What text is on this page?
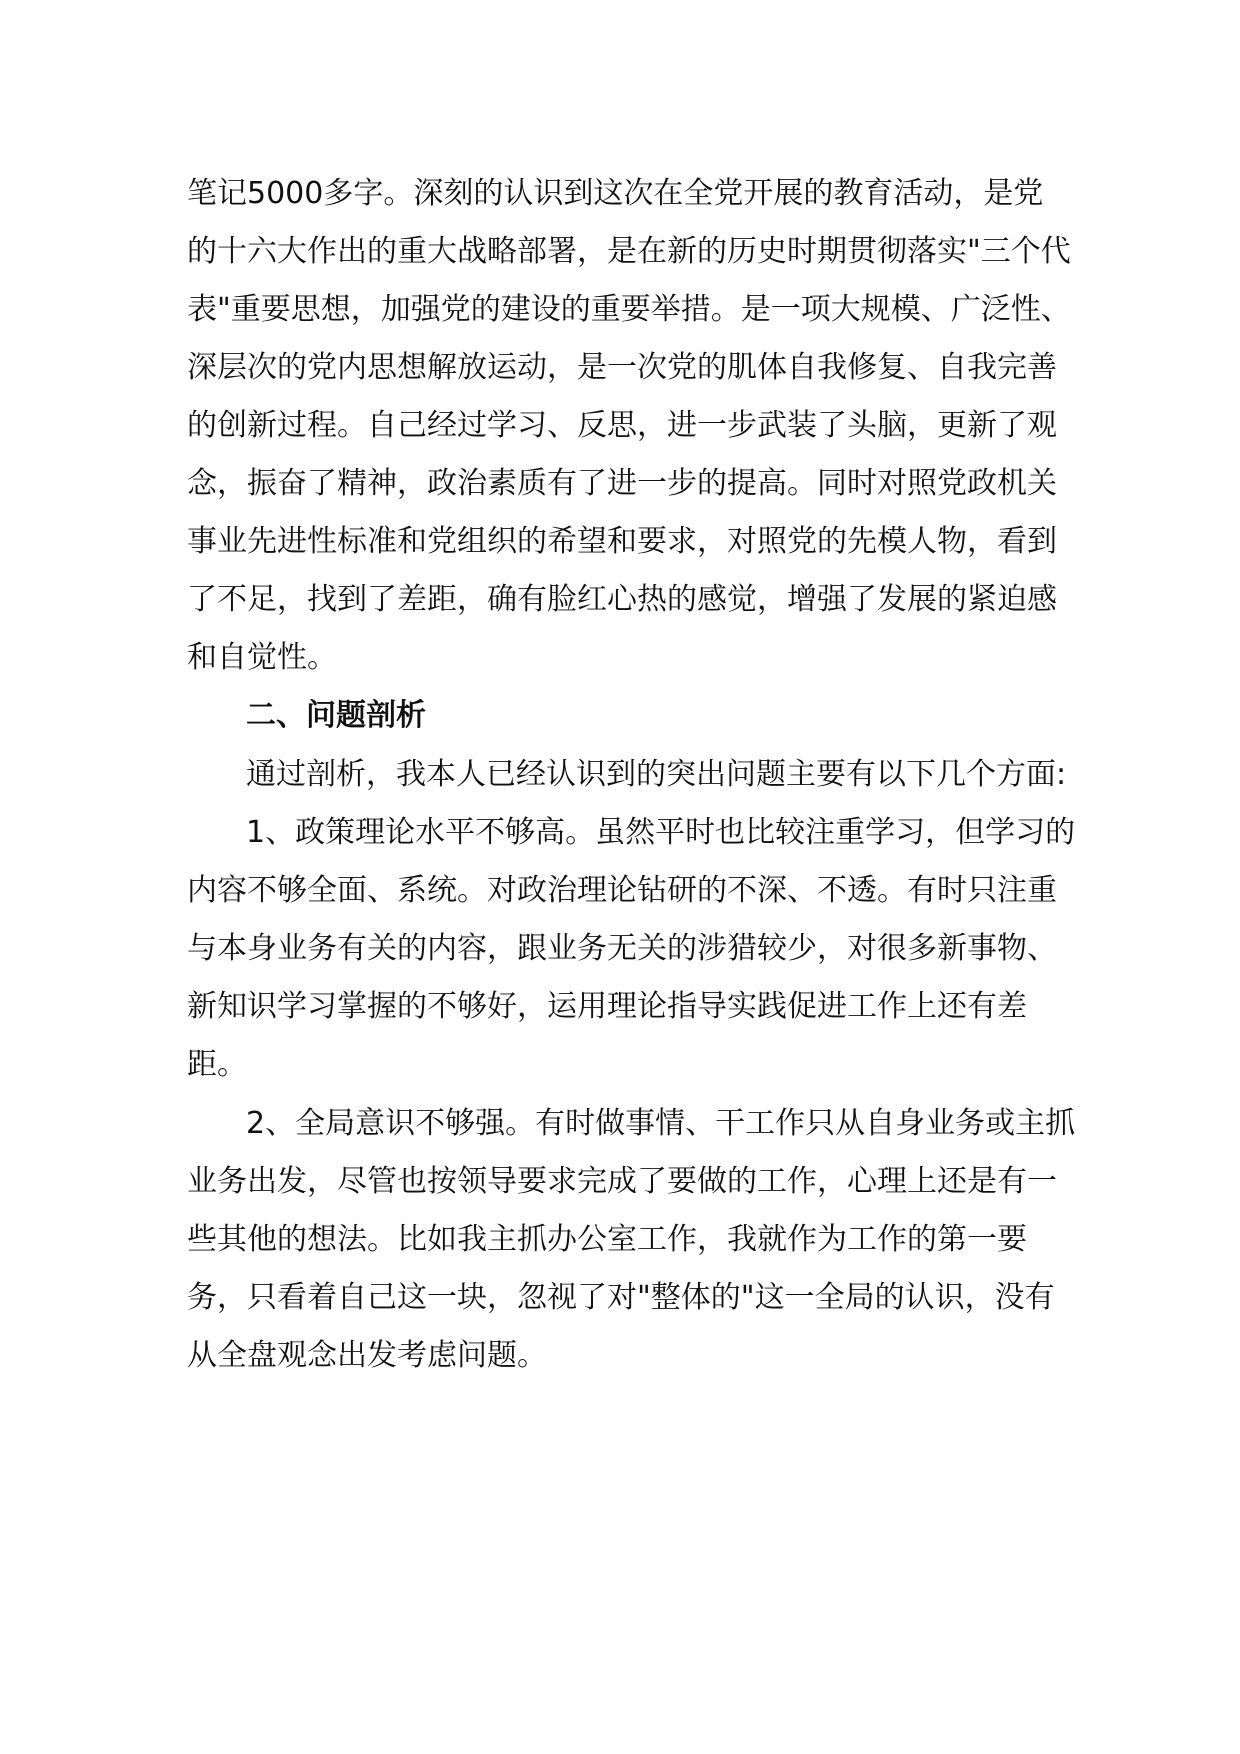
笔记5000多字。深刻的认识到这次在全党开展的教育活动，是党
的十六大作出的重大战略部署，是在新的历史时期贯彻落实"三个代
表"重要思想，加强党的建设的重要举措。是一项大规模、广泛性、
深层次的党内思想解放运动，是一次党的肌体自我修复、自我完善
的创新过程。自己经过学习、反思，进一步武装了头脑，更新了观
念，振奋了精神，政治素质有了进一步的提高。同时对照党政机关
事业先进性标准和党组织的希望和要求，对照党的先模人物，看到
了不足，找到了差距，确有脸红心热的感觉，增强了发展的紧迫感
和自觉性。
二、问题剖析
通过剖析，我本人已经认识到的突出问题主要有以下几个方面:
1、政策理论水平不够高。虽然平时也比较注重学习，但学习的
内容不够全面、系统。对政治理论钻研的不深、不透。有时只注重
与本身业务有关的内容，跟业务无关的涉猎较少，对很多新事物、
新知识学习掌握的不够好，运用理论指导实践促进工作上还有差
距。
2、全局意识不够强。有时做事情、干工作只从自身业务或主抓
业务出发，尽管也按领导要求完成了要做的工作，心理上还是有一
些其他的想法。比如我主抓办公室工作，我就作为工作的第一要
务，只看着自己这一块，忽视了对"整体的"这一全局的认识，没有
从全盘观念出发考虑问题。
